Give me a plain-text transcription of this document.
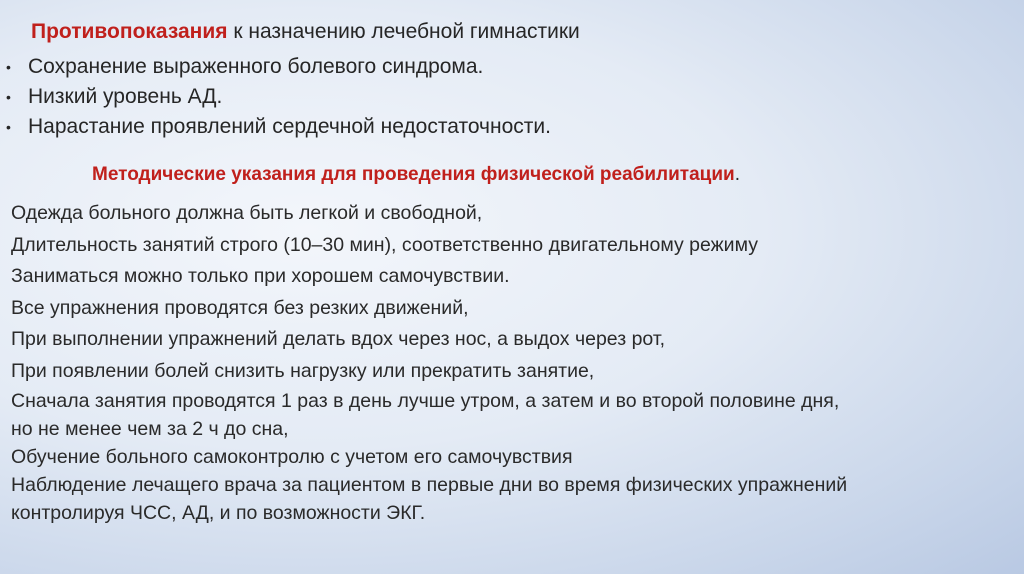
Противопоказания к назначению лечебной гимнастики
• Сохранение выраженного болевого синдрома.
• Низкий уровень АД.
• Нарастание проявлений сердечной недостаточности.
Методические указания для проведения физической реабилитации.
Одежда больного должна быть легкой и свободной,
Длительность занятий строго (10–30 мин), соответственно двигательному режиму
Заниматься можно только при хорошем самочувствии.
Все упражнения проводятся без резких движений,
При выполнении упражнений делать вдох через нос, а выдох через рот,
При появлении болей снизить нагрузку или прекратить занятие,
Сначала занятия проводятся 1 раз в день лучше утром, а затем и во второй половине дня,
но не менее чем за 2 ч до сна,
Обучение больного самоконтролю с учетом его самочувствия
Наблюдение лечащего врача за пациентом в первые дни во время физических упражнений
контролируя ЧСС, АД, и по возможности ЭКГ.
